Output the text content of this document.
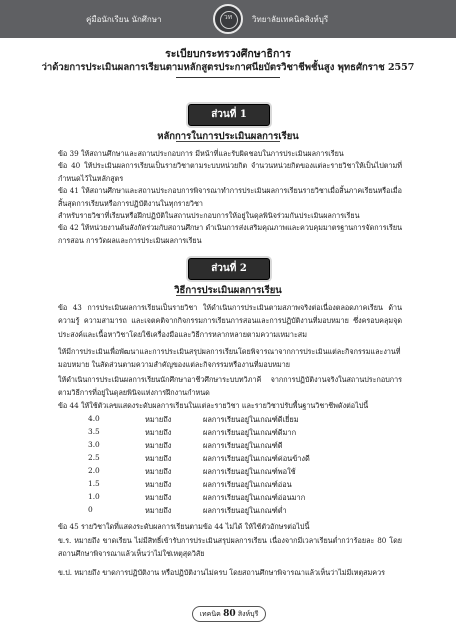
คู่มือนักเรียน นักศึกษา	วท	วิทยาลัยเทคนิคสิงห์บุรี
ระเบียบกระทรวงศึกษาธิการ
ว่าด้วยการประเมินผลการเรียนตามหลักสูตรประกาศนียบัตรวิชาชีพชั้นสูง พุทธศักราช 2557
ส่วนที่ 1
หลักการในการประเมินผลการเรียน

ข้อ 39 ให้สถานศึกษาและสถานประกอบการ มีหน้าที่และรับผิดชอบในการประเมินผลการเรียน

ข้อ 40 ให้ประเมินผลการเรียนเป็นรายวิชาตามระบบหน่วยกิต จำนวนหน่วยกิตของแต่ละรายวิชาให้เป็นไปตามที่กำหนดไว้ในหลักสูตร

ข้อ 41 ให้สถานศึกษาและสถานประกอบการพิจารณาทำการประเมินผลการเรียนรายวิชาเมื่อสิ้นภาคเรียนหรือเมื่อสิ้นสุดการเรียนหรือการปฏิบัติงานในทุกรายวิชา

สำหรับรายวิชาที่เรียนหรือฝึกปฏิบัติในสถานประกอบการให้อยู่ในดุลพินิจร่วมกันประเมินผลการเรียน

ข้อ 42 ให้หน่วยงานต้นสังกัดร่วมกับสถานศึกษา ดำเนินการส่งเสริมคุณภาพและควบคุมมาตรฐานการจัดการเรียนการสอน การวัดผลและการประเมินผลการเรียน

ส่วนที่ 2
วิธีการประเมินผลการเรียน

ข้อ 43 การประเมินผลการเรียนเป็นรายวิชา ให้ดำเนินการประเมินตามสภาพจริงต่อเนื่องตลอดภาคเรียน ด้านความรู้ ความสามารถ และเจตคติจากกิจกรรมการเรียนการสอนและการปฏิบัติงานที่มอบหมาย ซึ่งครอบคลุมจุดประสงค์และเนื้อหาวิชาโดยใช้เครื่องมือและวิธีการหลากหลายตามความเหมาะสม

ให้มีการประเมินเพื่อพัฒนาและการประเมินสรุปผลการเรียนโดยพิจารณาจากการประเมินแต่ละกิจกรรมและงานที่มอบหมาย ในสัดส่วนตามความสำคัญของแต่ละกิจกรรมหรืองานที่มอบหมาย

ให้ดำเนินการประเมินผลการเรียนนักศึกษาอาชีวศึกษาระบบทวิภาคี จากการปฏิบัติงานจริงในสถานประกอบการ ตามวิธีการที่อยู่ในดุลยพินิจแห่งการฝึกงานกำหนด

ข้อ 44 ให้ใช้ตัวเลขแสดงระดับผลการเรียนในแต่ละรายวิชา และรายวิชาปรับพื้นฐานวิชาชีพดังต่อไปนี้

4.0	หมายถึง	ผลการเรียนอยู่ในเกณฑ์ดีเยี่ยม
3.5	หมายถึง	ผลการเรียนอยู่ในเกณฑ์ดีมาก
3.0	หมายถึง	ผลการเรียนอยู่ในเกณฑ์ดี
2.5	หมายถึง	ผลการเรียนอยู่ในเกณฑ์ค่อนข้างดี
2.0	หมายถึง	ผลการเรียนอยู่ในเกณฑ์พอใช้
1.5	หมายถึง	ผลการเรียนอยู่ในเกณฑ์อ่อน
1.0	หมายถึง	ผลการเรียนอยู่ในเกณฑ์อ่อนมาก
0	หมายถึง	ผลการเรียนอยู่ในเกณฑ์ต่ำ

ข้อ 45 รายวิชาใดที่แสดงระดับผลการเรียนตามข้อ 44 ไม่ได้ ให้ใช้ตัวอักษรต่อไปนี้

ข.ร. หมายถึง ขาดเรียน ไม่มีสิทธิ์เข้ารับการประเมินสรุปผลการเรียน เนื่องจากมีเวลาเรียนต่ำกว่าร้อยละ 80 โดยสถานศึกษาพิจารณาแล้วเห็นว่าไม่ใช่เหตุสุดวิสัย

ข.ป. หมายถึง ขาดการปฏิบัติงาน หรือปฏิบัติงานไม่ครบ โดยสถานศึกษาพิจารณาแล้วเห็นว่าไม่มีเหตุสมควร

เทคนิค 80 สิงห์บุรี
